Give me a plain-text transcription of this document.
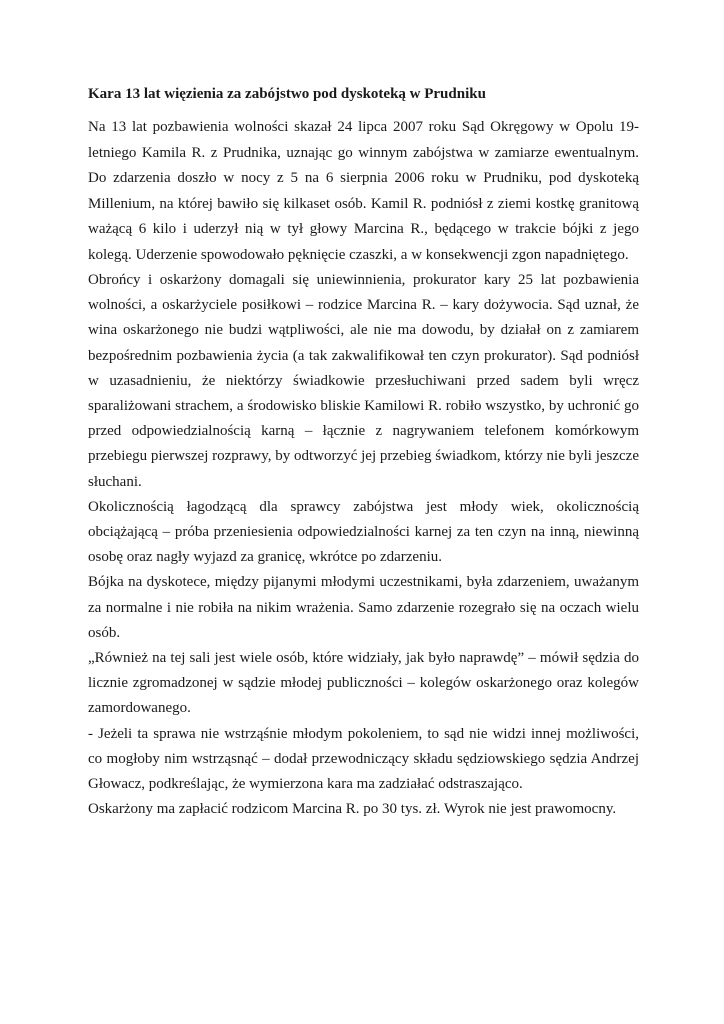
Kara 13 lat więzienia za zabójstwo pod dyskoteką w Prudniku

Na 13 lat pozbawienia wolności skazał 24 lipca 2007 roku Sąd Okręgowy w Opolu 19-letniego Kamila R. z Prudnika, uznając go winnym zabójstwa w zamiarze ewentualnym. Do zdarzenia doszło w nocy z 5 na 6 sierpnia 2006 roku w Prudniku, pod dyskoteką Millenium, na której bawiło się kilkaset osób. Kamil R. podniósł z ziemi kostkę granitową ważącą 6 kilo i uderzył nią w tył głowy Marcina R., będącego w trakcie bójki z jego kolegą. Uderzenie spowodowało pęknięcie czaszki, a w konsekwencji zgon napadniętego.

Obrońcy i oskarżony domagali się uniewinnienia, prokurator kary 25 lat pozbawienia wolności, a oskarżyciele posiłkowi – rodzice Marcina R. – kary dożywocia. Sąd uznał, że wina oskarżonego nie budzi wątpliwości, ale nie ma dowodu, by działał on z zamiarem bezpośrednim pozbawienia życia (a tak zakwalifikował ten czyn prokurator). Sąd podniósł w uzasadnieniu, że niektórzy świadkowie przesłuchiwani przed sadem byli wręcz sparaliżowani strachem, a środowisko bliskie Kamilowi R. robiło wszystko, by uchronić go przed odpowiedzialnością karną – łącznie z nagrywaniem telefonem komórkowym przebiegu pierwszej rozprawy, by odtworzyć jej przebieg świadkom, którzy nie byli jeszcze słuchani.

Okolicznością łagodzącą dla sprawcy zabójstwa jest młody wiek, okolicznością obciążającą – próba przeniesienia odpowiedzialności karnej za ten czyn na inną, niewinną osobę oraz nagły wyjazd za granicę, wkrótce po zdarzeniu.

Bójka na dyskotece, między pijanymi młodymi uczestnikami, była zdarzeniem, uważanym za normalne i nie robiła na nikim wrażenia. Samo zdarzenie rozegrało się na oczach wielu osób.

„Również na tej sali jest wiele osób, które widziały, jak było naprawdę” – mówił sędzia do licznie zgromadzonej w sądzie młodej publiczności – kolegów oskarżonego oraz kolegów zamordowanego.

- Jeżeli ta sprawa nie wstrząśnie młodym pokoleniem, to sąd nie widzi innej możliwości, co mogłoby nim wstrząsnąć – dodał przewodniczący składu sędziowskiego sędzia Andrzej Głowacz, podkreślając, że wymierzona kara ma zadziałać odstraszająco.

Oskarżony ma zapłacić rodzicom Marcina R. po 30 tys. zł. Wyrok nie jest prawomocny.
